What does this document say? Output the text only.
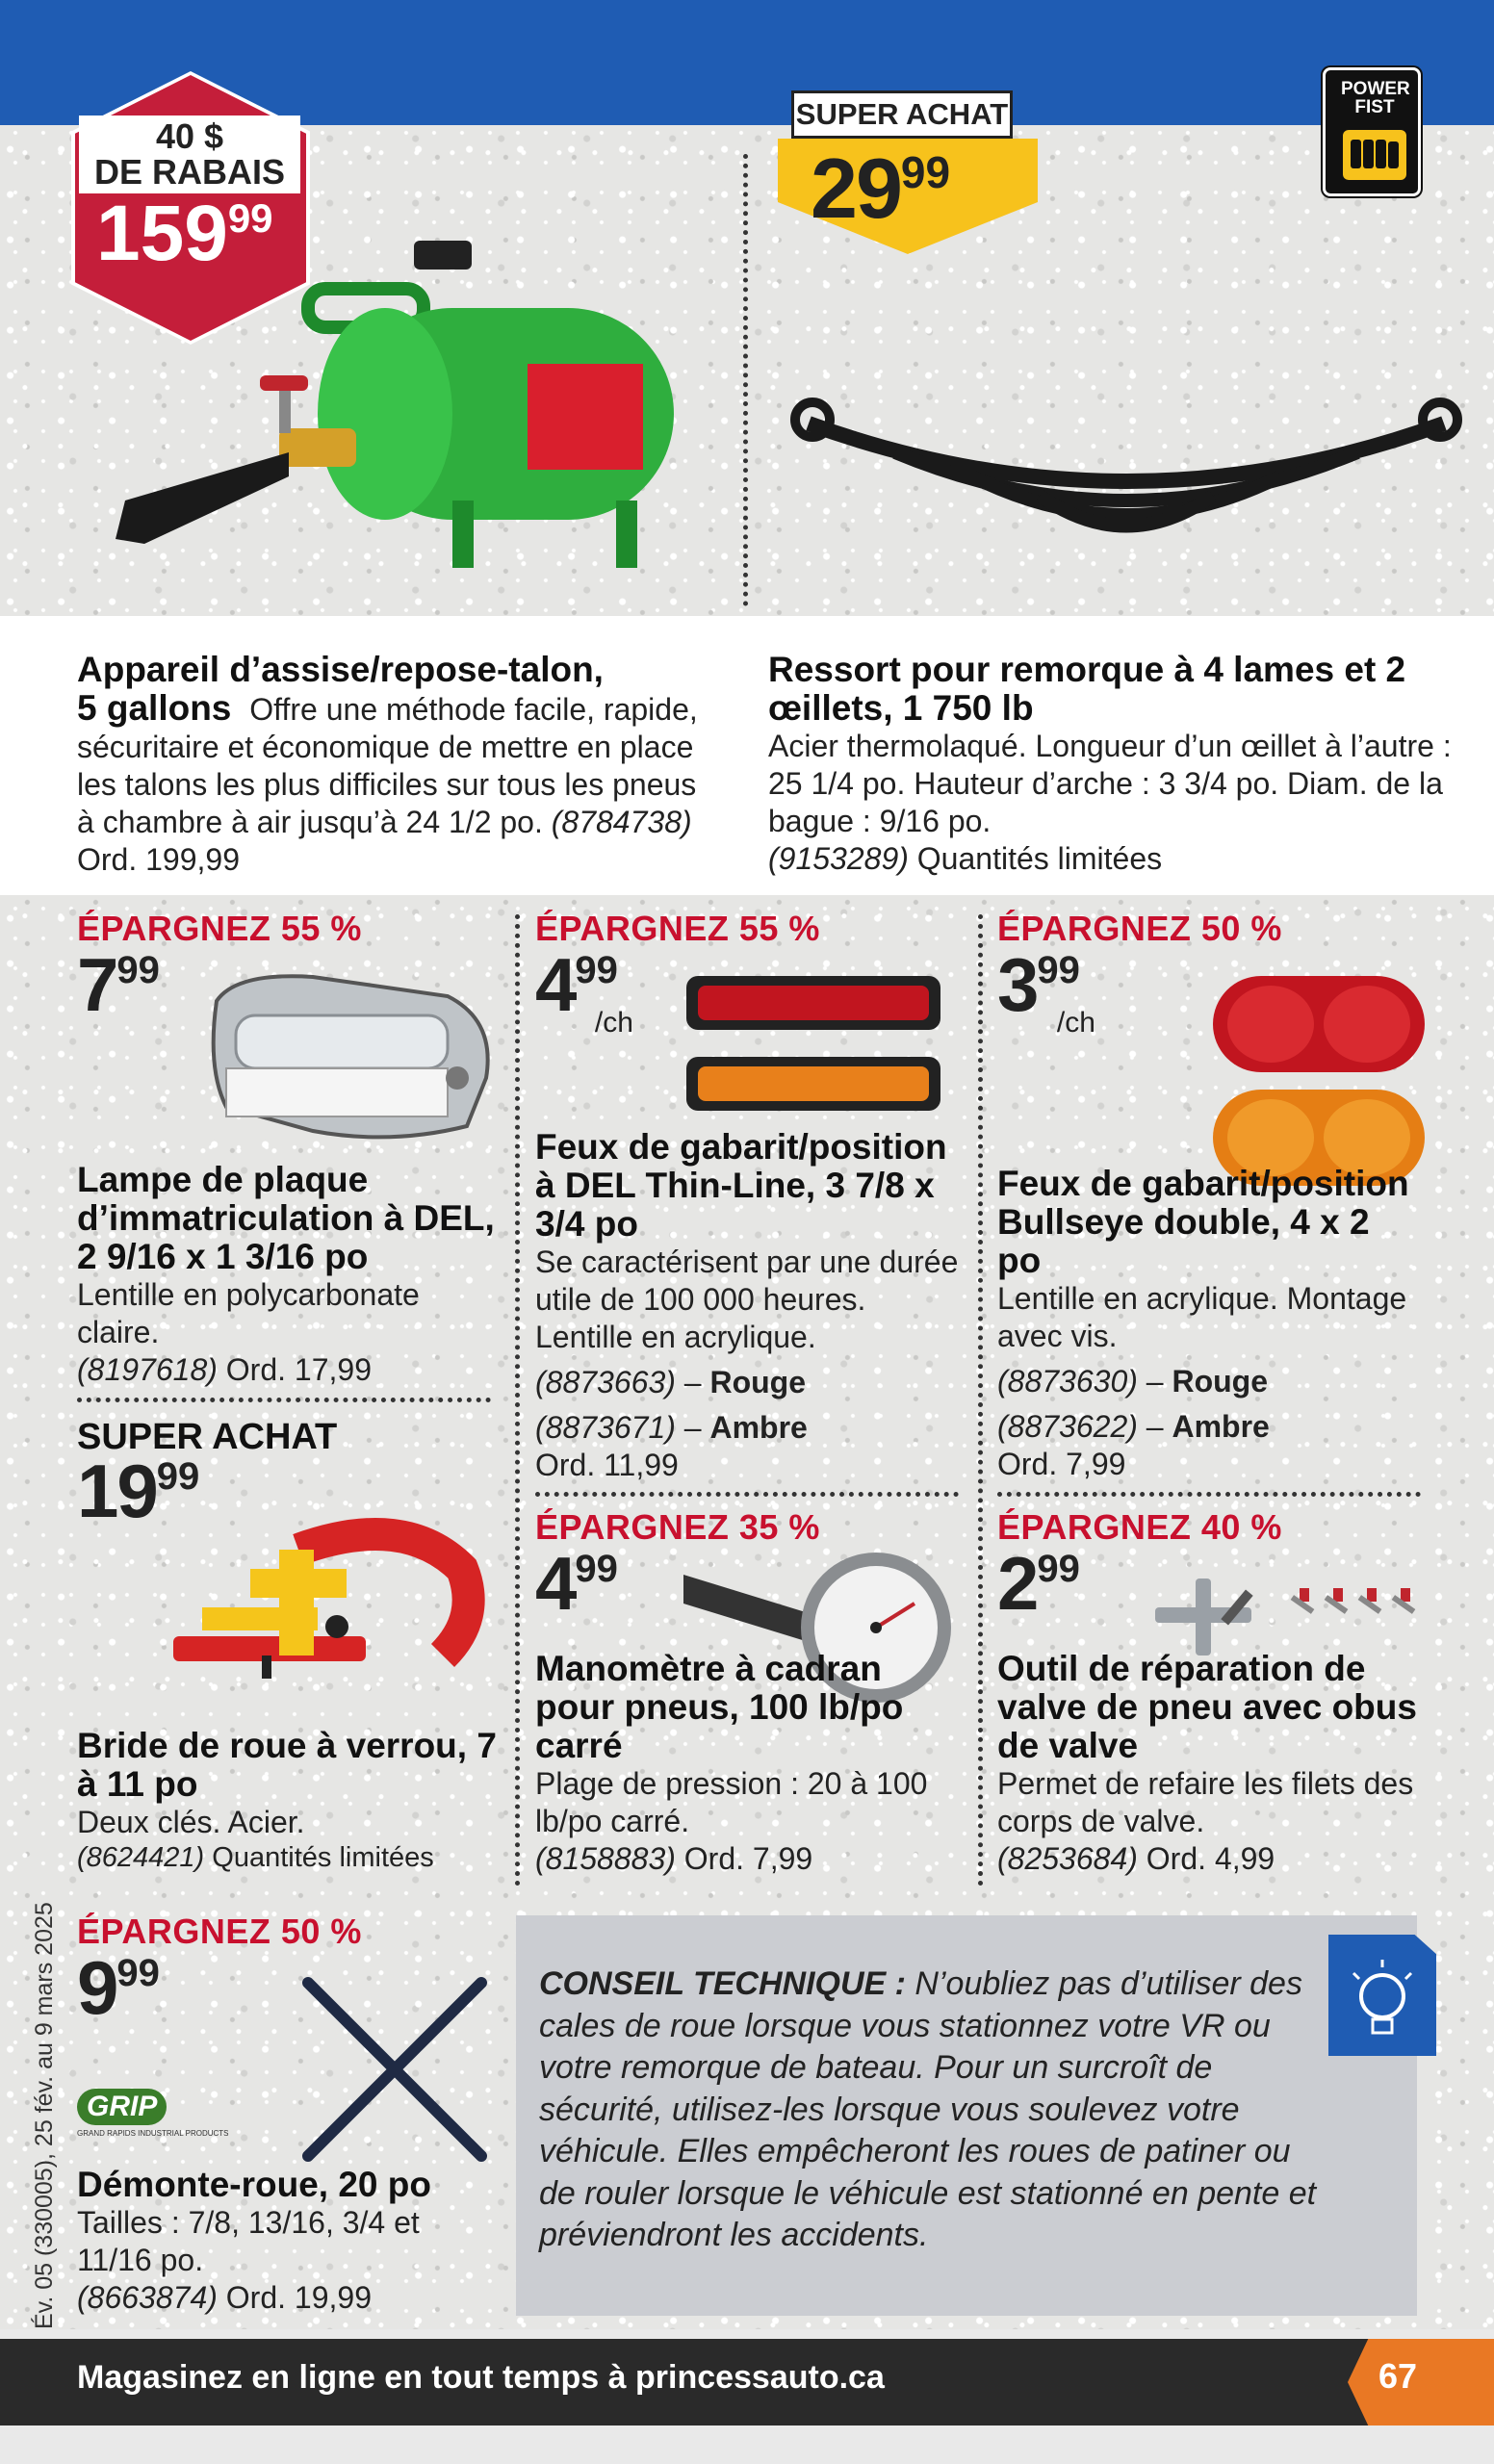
POWER FIST
40 $
DE RABAIS
$159^{99}$
Appareil d’assise/repose-talon,
5 gallons Offre une méthode facile, rapide, sécuritaire et économique de mettre en place les talons les plus difficiles sur tous les pneus à chambre à air jusqu’à 24 1/2 po. (8784738) Ord. 199,99
SUPER ACHAT
$29^{99}$
Ressort pour remorque à 4 lames et 2 œillets, 1 750 lb
Acier thermolaqué. Longueur d’un œillet à l’autre : 25 1/4 po. Hauteur d’arche : 3 3/4 po. Diam. de la bague : 9/16 po.
(9153289) Quantités limitées
ÉPARGNEZ 55 %
$7^{99}$
Lampe de plaque d’immatriculation à DEL, 2 9/16 x 1 3/16 po
Lentille en polycarbonate claire.
(8197618) Ord. 17,99
SUPER ACHAT
$19^{99}$
Bride de roue à verrou, 7 à 11 po
Deux clés. Acier.
(8624421) Quantités limitées
ÉPARGNEZ 55 %
$4^{99}_{/ch}$
Feux de gabarit/position à DEL Thin-Line, 3 7/8 x 3/4 po
Se caractérisent par une durée utile de 100 000 heures. Lentille en acrylique.
(8873663) – Rouge
(8873671) – Ambre
Ord. 11,99
ÉPARGNEZ 35 %
$4^{99}$
Manomètre à cadran pour pneus, 100 lb/po carré
Plage de pression : 20 à 100 lb/po carré.
(8158883) Ord. 7,99
ÉPARGNEZ 50 %
$3^{99}_{/ch}$
Feux de gabarit/position Bullseye double, 4 x 2 po
Lentille en acrylique. Montage avec vis.
(8873630) – Rouge
(8873622) – Ambre
Ord. 7,99
ÉPARGNEZ 40 %
$2^{99}$
Outil de réparation de valve de pneu avec obus de valve
Permet de refaire les filets des corps de valve.
(8253684) Ord. 4,99
ÉPARGNEZ 50 %
$9^{99}$
GRIP
GRAND RAPIDS INDUSTRIAL PRODUCTS
Démonte-roue, 20 po
Tailles : 7/8, 13/16, 3/4 et 11/16 po.
(8663874) Ord. 19,99
CONSEIL TECHNIQUE : N’oubliez pas d’utiliser des cales de roue lorsque vous stationnez votre VR ou votre remorque de bateau. Pour un surcroît de sécurité, utilisez-les lorsque vous soulevez votre véhicule. Elles empêcheront les roues de patiner ou de rouler lorsque le véhicule est stationné en pente et préviendront les accidents.
Év. 05 (330005), 25 fév. au 9 mars 2025
Magasinez en ligne en tout temps à princessauto.ca	67
